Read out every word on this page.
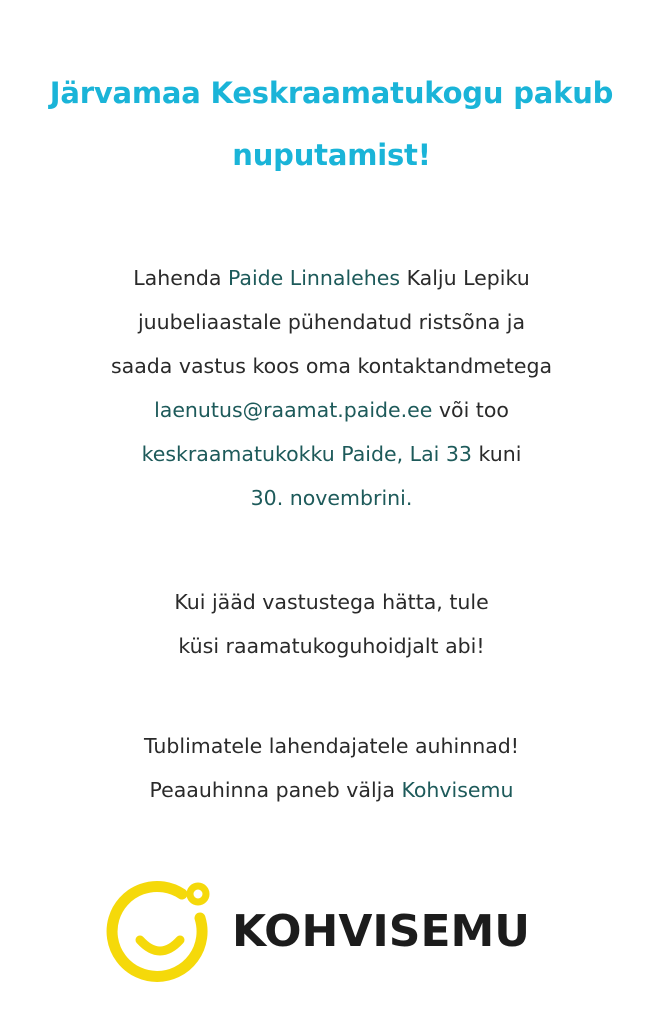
Järvamaa Keskraamatukogu pakub
nuputamist!
Lahenda Paide Linnalehes Kalju Lepiku
juubeliaastale pühendatud ristsõna ja
saada vastus koos oma kontaktandmetega
laenutus@raamat.paide.ee või too
keskraamatukokku Paide, Lai 33 kuni
30. novembrini.
Kui jääd vastustega hätta, tule
küsi raamatukoguhoidjalt abi!
Tublimatele lahendajatele auhinnad!
Peaauhinna paneb välja Kohvisemu
KOHVISEMU
